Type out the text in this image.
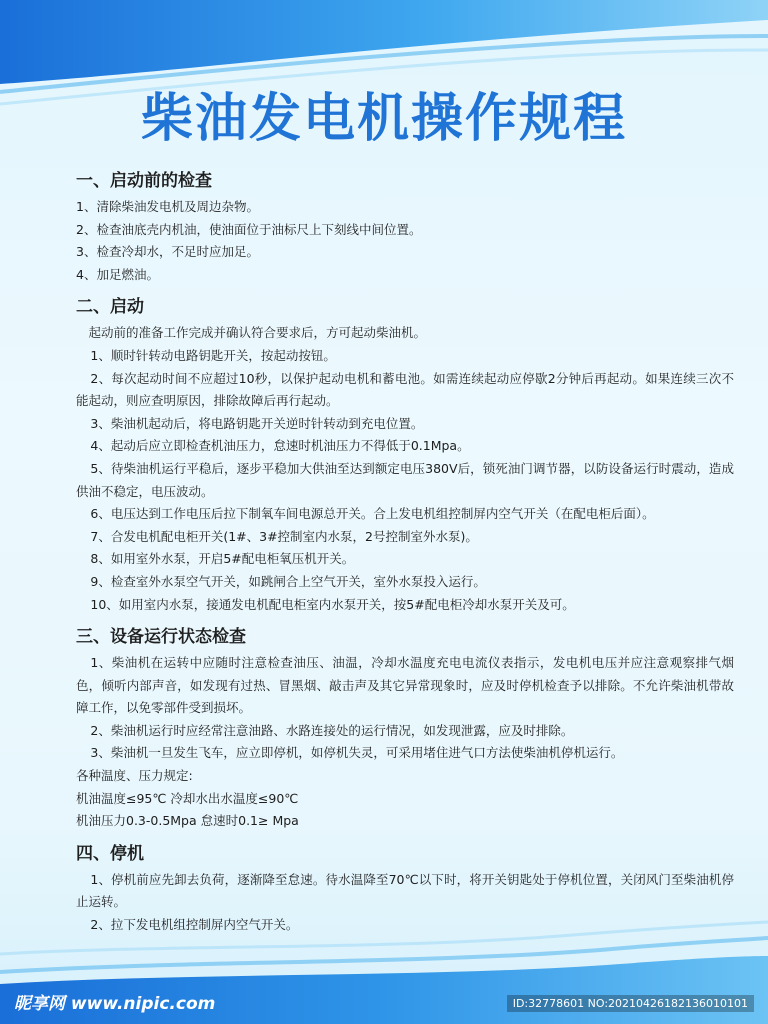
柴油发电机操作规程

一、启动前的检查

1、清除柴油发电机及周边杂物。

2、检查油底壳内机油，使油面位于油标尺上下刻线中间位置。

3、检查冷却水，不足时应加足。

4、加足燃油。

二、启动

起动前的准备工作完成并确认符合要求后，方可起动柴油机。

1、顺时针转动电路钥匙开关，按起动按钮。

2、每次起动时间不应超过10秒，以保护起动电机和蓄电池。如需连续起动应停歇2分钟后再起动。如果连续三次不能起动，则应查明原因，排除故障后再行起动。

3、柴油机起动后，将电路钥匙开关逆时针转动到充电位置。

4、起动后应立即检查机油压力，怠速时机油压力不得低于0.1Mpa。

5、待柴油机运行平稳后，逐步平稳加大供油至达到额定电压380V后，锁死油门调节器，以防设备运行时震动，造成供油不稳定，电压波动。

6、电压达到工作电压后拉下制氧车间电源总开关。合上发电机组控制屏内空气开关（在配电柜后面）。

7、合发电机配电柜开关(1#、3#控制室内水泵，2号控制室外水泵)。

8、如用室外水泵，开启5#配电柜氧压机开关。

9、检查室外水泵空气开关，如跳闸合上空气开关，室外水泵投入运行。

10、如用室内水泵，接通发电机配电柜室内水泵开关，按5#配电柜冷却水泵开关及可。

三、设备运行状态检查

1、柴油机在运转中应随时注意检查油压、油温，冷却水温度充电电流仪表指示，发电机电压并应注意观察排气烟色，倾听内部声音，如发现有过热、冒黑烟、敲击声及其它异常现象时，应及时停机检查予以排除。不允许柴油机带故障工作，以免零部件受到损坏。

2、柴油机运行时应经常注意油路、水路连接处的运行情况，如发现泄露，应及时排除。

3、柴油机一旦发生飞车，应立即停机，如停机失灵，可采用堵住进气口方法使柴油机停机运行。

各种温度、压力规定:

机油温度≤95℃ 冷却水出水温度≤90℃

机油压力0.3-0.5Mpa 怠速时0.1≥ Mpa

四、停机

1、停机前应先卸去负荷，逐渐降至怠速。待水温降至70℃以下时，将开关钥匙处于停机位置，关闭风门至柴油机停止运转。

2、拉下发电机组控制屏内空气开关。

昵享网 www.nipic.com	ID:32778601 NO:20210426182136010101
